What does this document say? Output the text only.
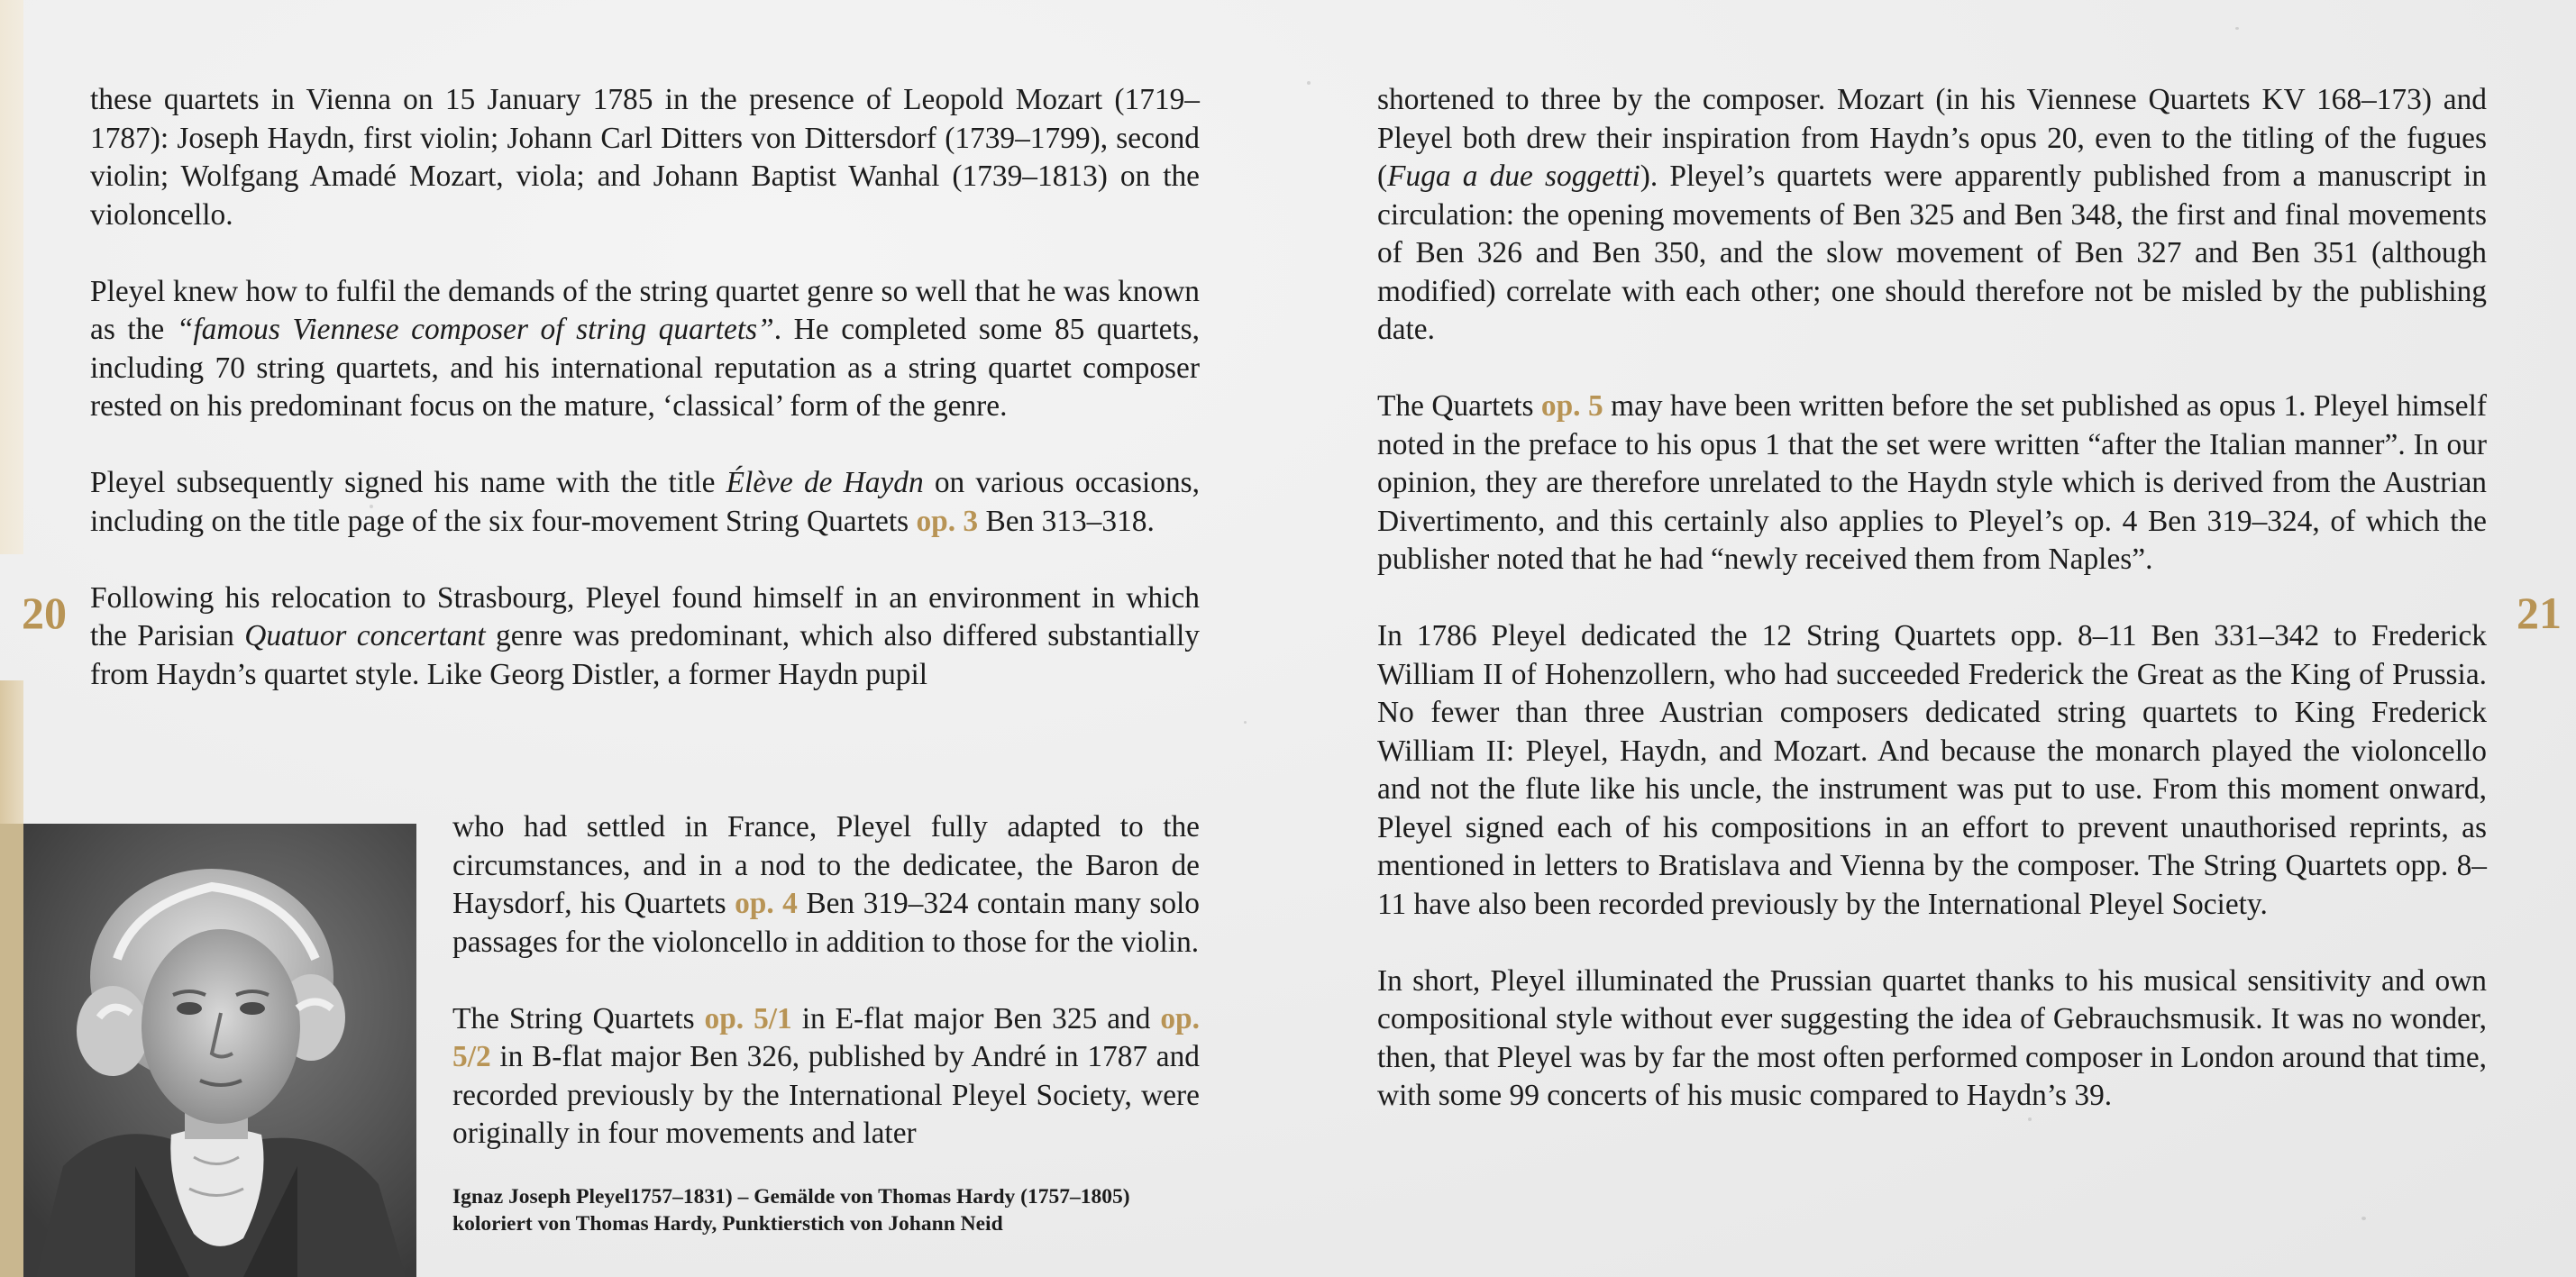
20	21

these quartets in Vienna on 15 January 1785 in the presence of Leopold Mozart (1719–1787): Joseph Haydn, first violin; Johann Carl Ditters von Dittersdorf (1739–1799), second violin; Wolfgang Amadé Mozart, viola; and Johann Baptist Wanhal (1739–1813) on the violoncello.

Pleyel knew how to fulfil the demands of the string quartet genre so well that he was known as the “famous Viennese composer of string quartets”. He completed some 85 quartets, including 70 string quartets, and his international reputation as a string quartet composer rested on his predominant focus on the mature, ‘classical’ form of the genre.

Pleyel subsequently signed his name with the title Élève de Haydn on various occasions, including on the title page of the six four-movement String Quartets op. 3 Ben 313–318.

Following his relocation to Strasbourg, Pleyel found himself in an environment in which the Parisian Quatuor concertant genre was predominant, which also differed substantially from Haydn’s quartet style. Like Georg Distler, a former Haydn pupil

who had settled in France, Pleyel fully adapted to the circumstances, and in a nod to the dedicatee, the Baron de Haysdorf, his Quartets op. 4 Ben 319–324 contain many solo passages for the violoncello in addition to those for the violin.

The String Quartets op. 5/1 in E-flat major Ben 325 and op. 5/2 in B-flat major Ben 326, published by André in 1787 and recorded previously by the International Pleyel Society, were originally in four movements and later

Ignaz Joseph Pleyel1757–1831) – Gemälde von Thomas Hardy (1757–1805)
koloriert von Thomas Hardy, Punktierstich von Johann Neid

shortened to three by the composer. Mozart (in his Viennese Quartets KV 168–173) and Pleyel both drew their inspiration from Haydn’s opus 20, even to the titling of the fugues (Fuga a due soggetti). Pleyel’s quartets were apparently published from a manuscript in circulation: the opening movements of Ben 325 and Ben 348, the first and final movements of Ben 326 and Ben 350, and the slow movement of Ben 327 and Ben 351 (although modified) correlate with each other; one should therefore not be misled by the publishing date.

The Quartets op. 5 may have been written before the set published as opus 1. Pleyel himself noted in the preface to his opus 1 that the set were written “after the Italian manner”. In our opinion, they are therefore unrelated to the Haydn style which is derived from the Austrian Divertimento, and this certainly also applies to Pleyel’s op. 4 Ben 319–324, of which the publisher noted that he had “newly received them from Naples”.

In 1786 Pleyel dedicated the 12 String Quartets opp. 8–11 Ben 331–342 to Frederick William II of Hohenzollern, who had succeeded Frederick the Great as the King of Prussia. No fewer than three Austrian composers dedicated string quartets to King Frederick William II: Pleyel, Haydn, and Mozart. And because the monarch played the violoncello and not the flute like his uncle, the instrument was put to use. From this moment onward, Pleyel signed each of his compositions in an effort to prevent unauthorised reprints, as mentioned in letters to Bratislava and Vienna by the composer. The String Quartets opp. 8–11 have also been recorded previously by the International Pleyel Society.

In short, Pleyel illuminated the Prussian quartet thanks to his musical sensitivity and own compositional style without ever suggesting the idea of Gebrauchsmusik. It was no wonder, then, that Pleyel was by far the most often performed composer in London around that time, with some 99 concerts of his music compared to Haydn’s 39.
